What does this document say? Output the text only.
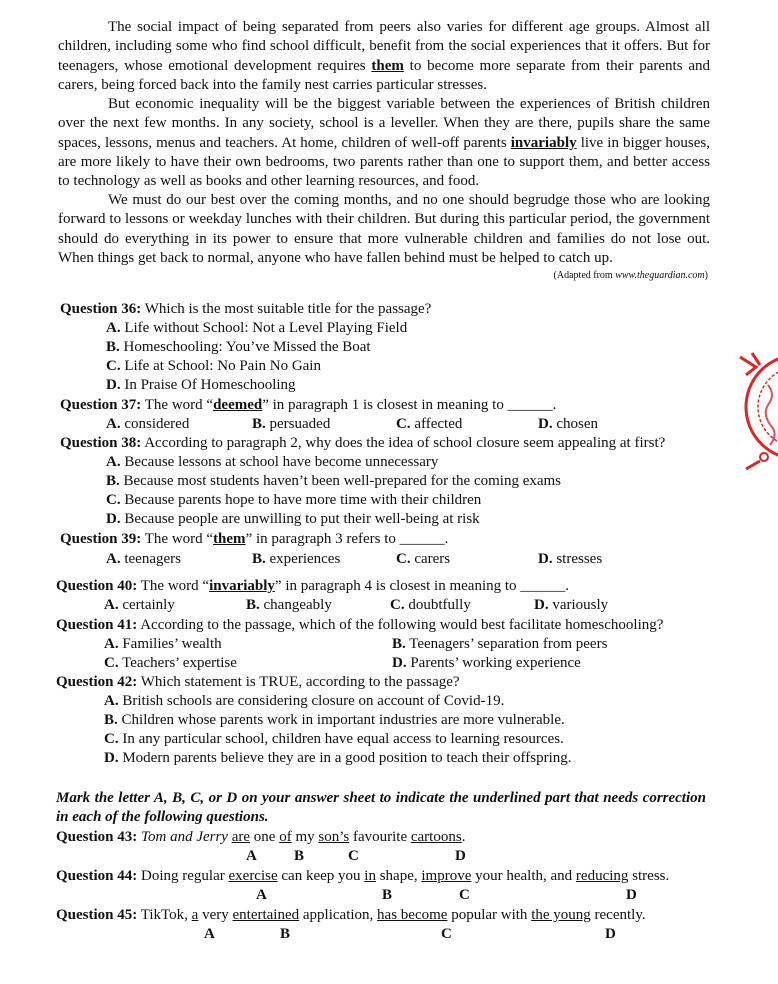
The social impact of being separated from peers also varies for different age groups. Almost all children, including some who find school difficult, benefit from the social experiences that it offers. But for teenagers, whose emotional development requires them to become more separate from their parents and carers, being forced back into the family nest carries particular stresses.

But economic inequality will be the biggest variable between the experiences of British children over the next few months. In any society, school is a leveller. When they are there, pupils share the same spaces, lessons, menus and teachers. At home, children of well-off parents invariably live in bigger houses, are more likely to have their own bedrooms, two parents rather than one to support them, and better access to technology as well as books and other learning resources, and food.

We must do our best over the coming months, and no one should begrudge those who are looking forward to lessons or weekday lunches with their children. But during this particular period, the government should do everything in its power to ensure that more vulnerable children and families do not lose out. When things get back to normal, anyone who have fallen behind must be helped to catch up.

(Adapted from www.theguardian.com)
Question 36: Which is the most suitable title for the passage?
A. Life without School: Not a Level Playing Field
B. Homeschooling: You’ve Missed the Boat
C. Life at School: No Pain No Gain
D. In Praise Of Homeschooling
Question 37: The word “deemed” in paragraph 1 is closest in meaning to ______.
A. considered	B. persuaded	C. affected	D. chosen
Question 38: According to paragraph 2, why does the idea of school closure seem appealing at first?
A. Because lessons at school have become unnecessary
B. Because most students haven’t been well-prepared for the coming exams
C. Because parents hope to have more time with their children
D. Because people are unwilling to put their well-being at risk
Question 39: The word “them” in paragraph 3 refers to ______.
A. teenagers	B. experiences	C. carers	D. stresses
Question 40: The word “invariably” in paragraph 4 is closest in meaning to ______.
A. certainly	B. changeably	C. doubtfully	D. variously
Question 41: According to the passage, which of the following would best facilitate homeschooling?
A. Families’ wealth	B. Teenagers’ separation from peers
C. Teachers’ expertise	D. Parents’ working experience
Question 42: Which statement is TRUE, according to the passage?
A. British schools are considering closure on account of Covid-19.
B. Children whose parents work in important industries are more vulnerable.
C. In any particular school, children have equal access to learning resources.
D. Modern parents believe they are in a good position to teach their offspring.

Mark the letter A, B, C, or D on your answer sheet to indicate the underlined part that needs correction in each of the following questions.

Question 43: Tom and Jerry are one of my son’s favourite cartoons.
A B	C	D
Question 44: Doing regular exercise can keep you in shape, improve your health, and reducing stress.
A	B	C	D
Question 45: TikTok, a very entertained application, has become popular with the young recently.
A	B	C	D
